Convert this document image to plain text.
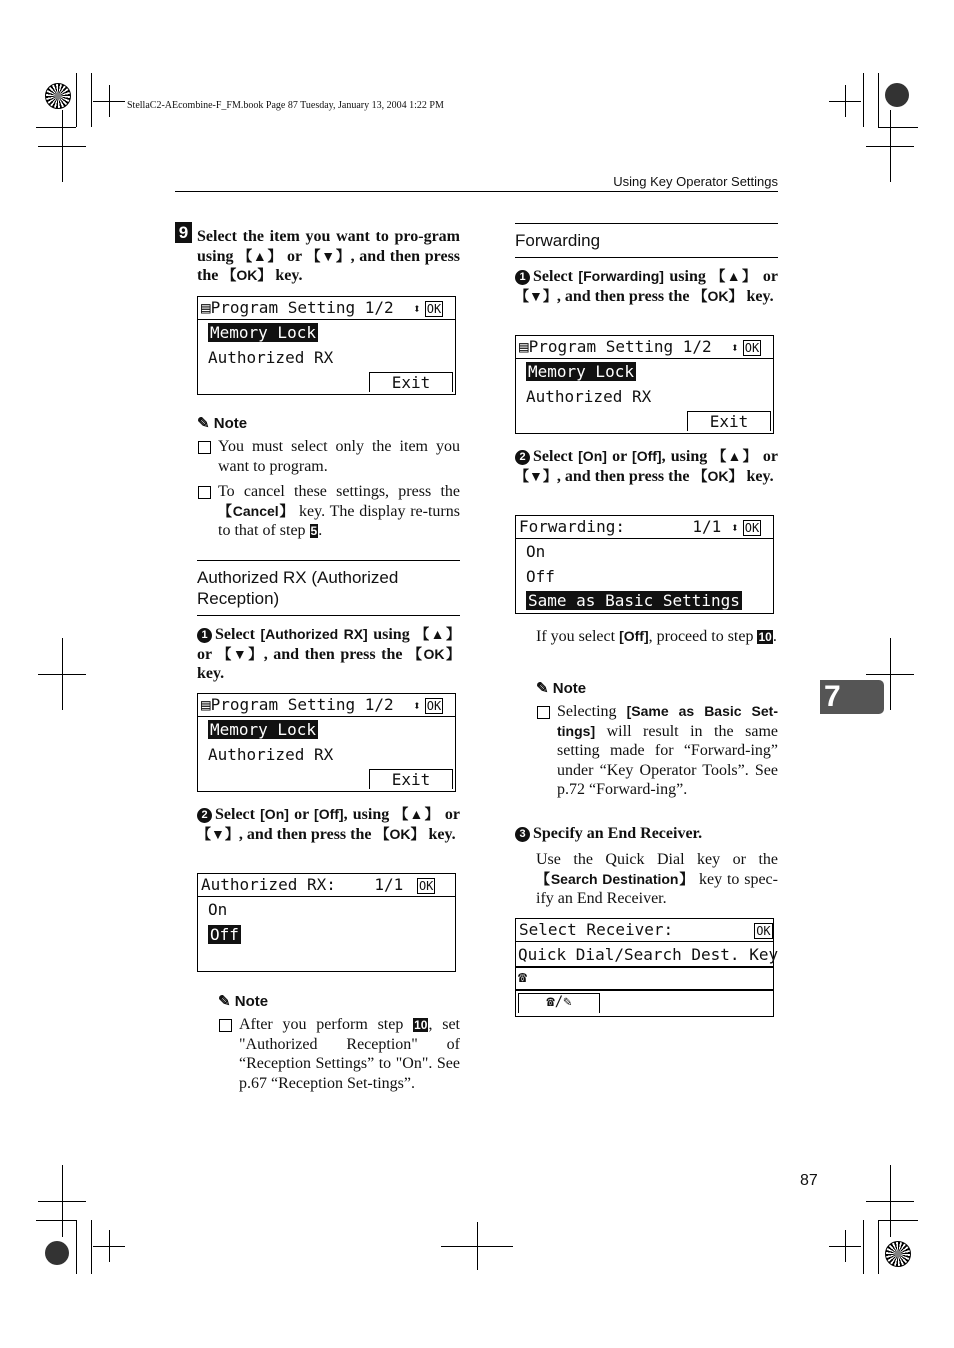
StellaC2-AEcombine-F_FM.book Page 87 Tuesday, January 13, 2004 1:22 PM
Using Key Operator Settings
9 Select the item you want to pro-gram using 【▲】 or 【▼】, and then press the 【OK】 key.
▤Program Setting 1/2 ⬍ OK
Memory Lock
Authorized RX
Exit
✎ Note
You must select only the item you want to program.
To cancel these settings, press the 【Cancel】 key. The display re-turns to that of step 5.
Authorized RX (Authorized Reception)
1 Select [Authorized RX] using 【▲】 or 【▼】, and then press the 【OK】 key.
▤Program Setting 1/2 ⬍ OK
Memory Lock
Authorized RX
Exit
2 Select [On] or [Off], using 【▲】 or 【▼】, and then press the 【OK】 key.
Authorized RX:    1/1 OK
On
Off
✎ Note
After you perform step 10, set "Authorized Reception" of “Reception Settings” to "On". See p.67 “Reception Set-tings”.
Forwarding
1 Select [Forwarding] using 【▲】 or 【▼】, and then press the 【OK】 key.
▤Program Setting 1/2 ⬍ OK
Memory Lock
Authorized RX
Exit
2 Select [On] or [Off], using 【▲】 or 【▼】, and then press the 【OK】 key.
Forwarding:       1/1 ⬍ OK
On
Off
Same as Basic Settings
If you select [Off], proceed to step 10.
✎ Note
Selecting [Same as Basic Set-tings] will result in the same setting made for “Forward-ing” under “Key Operator Tools”. See p.72 “Forward-ing”.
3 Specify an End Receiver.
Use the Quick Dial key or the 【Search Destination】 key to spec-ify an End Receiver.
Select Receiver:	OK
Quick Dial/Search Dest. Key
☎
☎/✎
7
87
